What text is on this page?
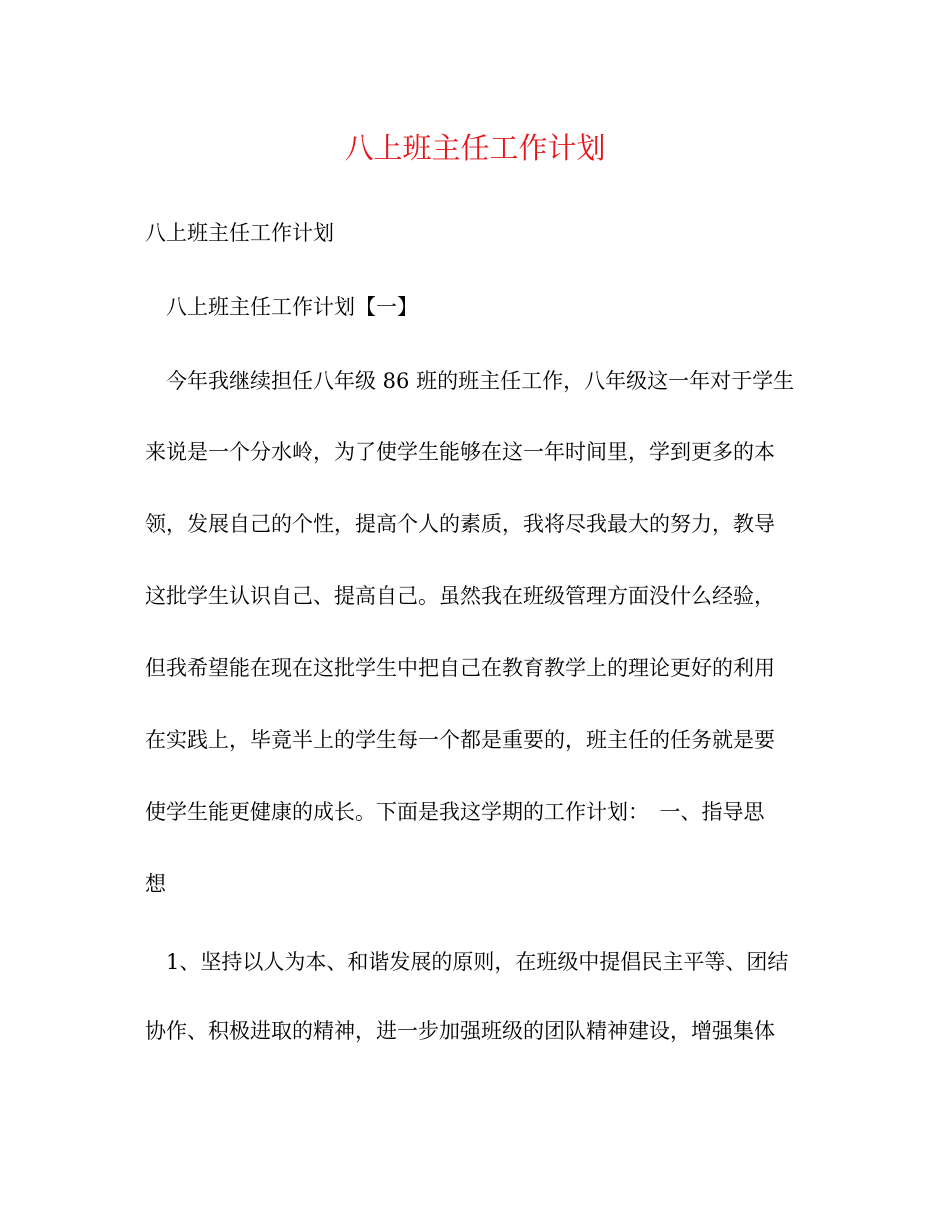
八上班主任工作计划

八上班主任工作计划

　八上班主任工作计划【一】

　今年我继续担任八年级 86 班的班主任工作，八年级这一年对于学生

来说是一个分水岭，为了使学生能够在这一年时间里，学到更多的本

领，发展自己的个性，提高个人的素质，我将尽我最大的努力，教导

这批学生认识自己、提高自己。虽然我在班级管理方面没什么经验，

但我希望能在现在这批学生中把自己在教育教学上的理论更好的利用

在实践上，毕竟半上的学生每一个都是重要的，班主任的任务就是要

使学生能更健康的成长。下面是我这学期的工作计划：　一、指导思

想

　1、坚持以人为本、和谐发展的原则，在班级中提倡民主平等、团结

协作、积极进取的精神，进一步加强班级的团队精神建设，增强集体
